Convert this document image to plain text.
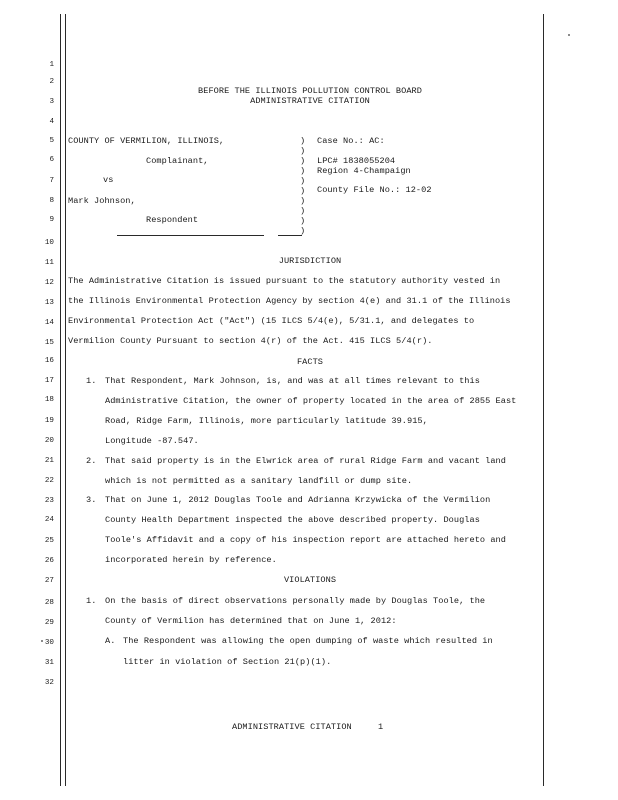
1
2
3
4
5
6
7
8
9
10
11
12
13
14
15
16
17
18
19
20
21
22
23
24
25
26
27
28
29
30
31
32
BEFORE THE ILLINOIS POLLUTION CONTROL BOARD
ADMINISTRATIVE CITATION
COUNTY OF VERMILION, ILLINOIS,
Complainant,
vs
Mark Johnson,
Respondent
)
)
)
)
)
)
)
)
)
)
Case No.: AC:
LPC# 1838055204
Region 4-Champaign
County File No.: 12-02
JURISDICTION
The Administrative Citation is issued pursuant to the statutory authority vested in
the Illinois Environmental Protection Agency by section 4(e) and 31.1 of the Illinois
Environmental Protection Act ("Act") (15 ILCS 5/4(e), 5/31.1, and delegates to
Vermilion County Pursuant to section 4(r) of the Act. 415 ILCS 5/4(r).
FACTS
1. That Respondent, Mark Johnson, is, and was at all times relevant to this
Administrative Citation, the owner of property located in the area of 2855 East
Road, Ridge Farm, Illinois, more particularly latitude 39.915,
Longitude -87.547.
2. That said property is in the Elwrick area of rural Ridge Farm and vacant land
which is not permitted as a sanitary landfill or dump site.
3. That on June 1, 2012 Douglas Toole and Adrianna Krzywicka of the Vermilion
County Health Department inspected the above described property. Douglas
Toole's Affidavit and a copy of his inspection report are attached hereto and
incorporated herein by reference.
VIOLATIONS
1. On the basis of direct observations personally made by Douglas Toole, the
County of Vermilion has determined that on June 1, 2012:
A. The Respondent was allowing the open dumping of waste which resulted in
litter in violation of Section 21(p)(1).
ADMINISTRATIVE CITATION	1
